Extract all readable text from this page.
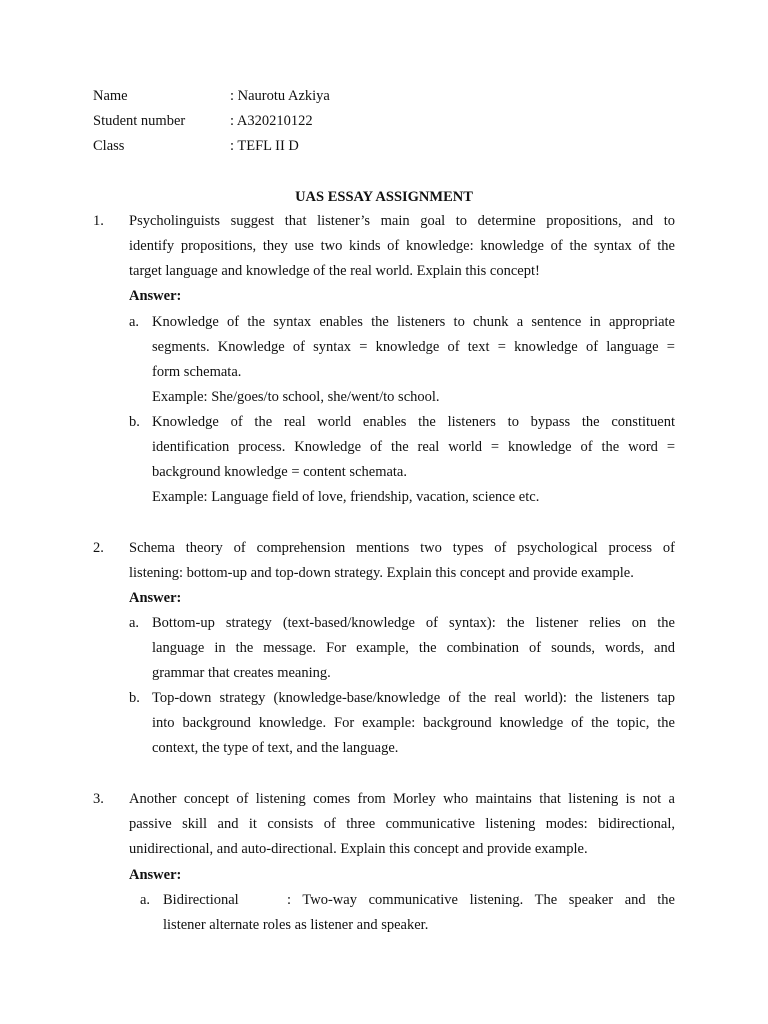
Name	: Naurotu Azkiya
Student number	: A320210122
Class	: TEFL II D
UAS ESSAY ASSIGNMENT
1. Psycholinguists suggest that listener’s main goal to determine propositions, and to
identify propositions, they use two kinds of knowledge: knowledge of the syntax of the
target language and knowledge of the real world. Explain this concept!
Answer:
a. Knowledge of the syntax enables the listeners to chunk a sentence in appropriate
segments. Knowledge of syntax = knowledge of text = knowledge of language =
form schemata.
Example: She/goes/to school, she/went/to school.
b. Knowledge of the real world enables the listeners to bypass the constituent
identification process. Knowledge of the real world = knowledge of the word =
background knowledge = content schemata.
Example: Language field of love, friendship, vacation, science etc.
2. Schema theory of comprehension mentions two types of psychological process of
listening: bottom-up and top-down strategy. Explain this concept and provide example.
Answer:
a. Bottom-up strategy (text-based/knowledge of syntax): the listener relies on the
language in the message. For example, the combination of sounds, words, and
grammar that creates meaning.
b. Top-down strategy (knowledge-base/knowledge of the real world): the listeners tap
into background knowledge. For example: background knowledge of the topic, the
context, the type of text, and the language.
3. Another concept of listening comes from Morley who maintains that listening is not a
passive skill and it consists of three communicative listening modes: bidirectional,
unidirectional, and auto-directional. Explain this concept and provide example.
Answer:
a. Bidirectional	: Two-way communicative listening. The speaker and the
listener alternate roles as listener and speaker.
